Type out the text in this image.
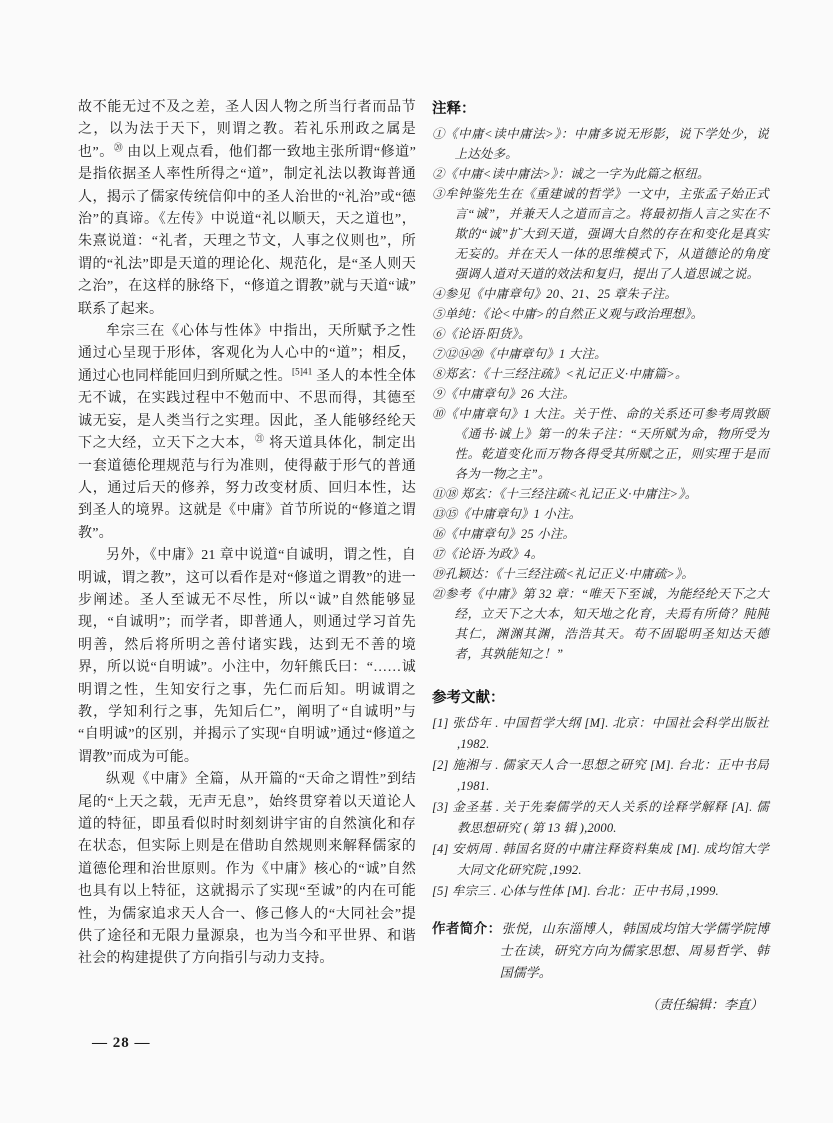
故不能无过不及之差，圣人因人物之所当行者而品节之，以为法于天下，则谓之教。若礼乐刑政之属是也”。⑳ 由以上观点看，他们都一致地主张所谓“修道”是指依据圣人率性所得之“道”，制定礼法以教诲普通人，揭示了儒家传统信仰中的圣人治世的“礼治”或“德治”的真谛。《左传》中说道“礼以顺天，天之道也”，朱熹说道：“礼者，天理之节文，人事之仪则也”，所谓的“礼法”即是天道的理论化、规范化，是“圣人则天之治”，在这样的脉络下，“修道之谓教”就与天道“诚”联系了起来。

牟宗三在《心体与性体》中指出，天所赋予之性通过心呈现于形体，客观化为人心中的“道”；相反，通过心也同样能回归到所赋之性。$^{[5]41}$ 圣人的本性全体无不诚，在实践过程中不勉而中、不思而得，其德至诚无妄，是人类当行之实理。因此，圣人能够经纶天下之大经，立天下之大本，$^㉑$ 将天道具体化，制定出一套道德伦理规范与行为准则，使得蔽于形气的普通人，通过后天的修养，努力改变材质、回归本性，达到圣人的境界。这就是《中庸》首节所说的“修道之谓教”。

另外，《中庸》21 章中说道“自诚明，谓之性，自明诚，谓之教”，这可以看作是对“修道之谓教”的进一步阐述。圣人至诚无不尽性，所以“诚”自然能够显现，“自诚明”；而学者，即普通人，则通过学习首先明善，然后将所明之善付诸实践，达到无不善的境界，所以说“自明诚”。小注中，勿轩熊氏曰：“……诚明谓之性，生知安行之事，先仁而后知。明诚谓之教，学知利行之事，先知后仁”，阐明了“自诚明”与“自明诚”的区别，并揭示了实现“自明诚”通过“修道之谓教”而成为可能。

纵观《中庸》全篇，从开篇的“天命之谓性”到结尾的“上天之载，无声无息”，始终贯穿着以天道论人道的特征，即虽看似时时刻刻讲宇宙的自然演化和存在状态，但实际上则是在借助自然规则来解释儒家的道德伦理和治世原则。作为《中庸》核心的“诚”自然也具有以上特征，这就揭示了实现“至诚”的内在可能性，为儒家追求天人合一、修己修人的“大同社会”提供了途径和无限力量源泉，也为当今和平世界、和谐社会的构建提供了方向指引与动力支持。

注释：

①《中庸<读中庸法>》：中庸多说无形影，说下学处少，说上达处多。
②《中庸<读中庸法>》：诚之一字为此篇之枢纽。
③牟钟鉴先生在《重建诚的哲学》一文中，主张孟子始正式言“诚”，并兼天人之道而言之。将最初指人言之实在不欺的“诚”扩大到天道，强调大自然的存在和变化是真实无妄的。并在天人一体的思维模式下，从道德论的角度强调人道对天道的效法和复归，提出了人道思诚之说。
④参见《中庸章句》20、21、25 章朱子注。
⑤单纯：《论<中庸>的自然正义观与政治理想》。
⑥《论语·阳货》。
⑦⑫⑭⑳《中庸章句》1 大注。
⑧郑玄：《十三经注疏》<礼记正义·中庸篇>。
⑨《中庸章句》26 大注。
⑩《中庸章句》1 大注。关于性、命的关系还可参考周敦颐《通书·诚上》第一的朱子注：“天所赋为命，物所受为性。乾道变化而万物各得受其所赋之正，则实理于是而各为一物之主”。
⑪⑱ 郑玄：《十三经注疏<礼记正义·中庸注>》。
⑬⑮《中庸章句》1 小注。
⑯《中庸章句》25 小注。
⑰《论语·为政》4。
⑲孔颖达：《十三经注疏<礼记正义·中庸疏>》。
㉑参考《中庸》第 32 章：“唯天下至诚，为能经纶天下之大经，立天下之大本，知天地之化育，夫焉有所倚？肫肫其仁，渊渊其渊，浩浩其天。苟不固聪明圣知达天德者，其孰能知之！”

参考文献：

[1] 张岱年 . 中国哲学大纲 [M]. 北京：中国社会科学出版社 ,1982.
[2] 施湘与 . 儒家天人合一思想之研究 [M]. 台北：正中书局 ,1981.
[3] 金圣基 . 关于先秦儒学的天人关系的诠释学解释 [A]. 儒教思想研究 ( 第 13 辑 ),2000.
[4] 安炳周 . 韩国名贤的中庸注释资料集成 [M]. 成均馆大学大同文化研究院 ,1992.
[5] 牟宗三 . 心体与性体 [M]. 台北：正中书局 ,1999.
作者简介：张悦，山东淄博人，韩国成均馆大学儒学院博士在读，研究方向为儒家思想、周易哲学、韩国儒学。
（责任编辑：李直）
— 28 —
